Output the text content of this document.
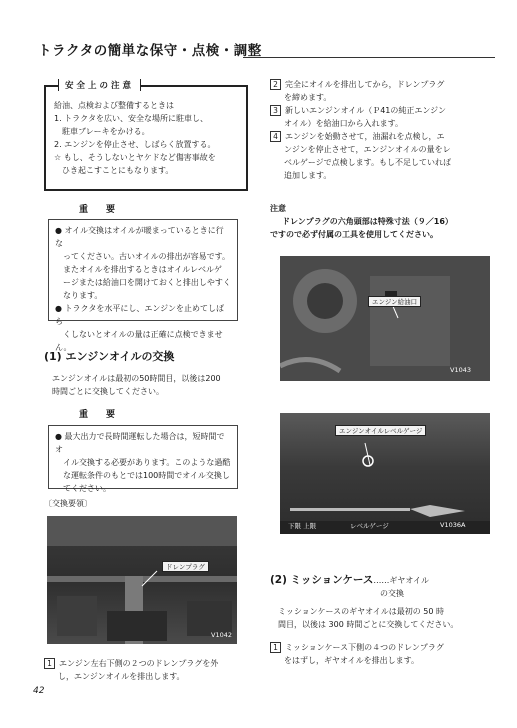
トラクタの簡単な保守・点検・調整
安全上の注意
給油、点検および整備するときは
1. トラクタを広い、安全な場所に駐車し、
　駐車ブレーキをかける。
2. エンジンを停止させ、しばらく放置する。
☆ もし、そうしないとヤケドなど傷害事故を
　ひき起こすことにもなります。
重　　要
● オイル交換はオイルが暖まっているときに行な
　ってください。古いオイルの排出が容易です。
　またオイルを排出するときはオイルレベルゲ
　ージまたは給油口を開けておくと排出しやすく
　なります。
● トラクタを水平にし、エンジンを止めてしばら
　くしないとオイルの量は正確に点検できません。
(1) エンジンオイルの交換
エンジンオイルは最初の50時間目，以後は200
時間ごとに交換してください。
重　　要
● 最大出力で長時間運転した場合は，短時間でオ
　イル交換する必要があります。このような過酷
　な運転条件のもとでは100時間でオイル交換し
　てください。
〔交換要領〕
ドレンプラグ
V1042
1 エンジン左右下側の２つのドレンプラグを外
し，エンジンオイルを排出します。
2 完全にオイルを排出してから，ドレンプラグ
を締めます。
3 新しいエンジンオイル（Ｐ41の純正エンジン
オイル）を給油口から入れます。
4 エンジンを始動させて，油漏れを点検し，エ
ンジンを停止させて，エンジンオイルの量をレ
ベルゲージで点検します。もし不足していれば
追加します。
注意
ドレンプラグの六角頭部は特殊寸法（９／16）
ですので必ず付属の工具を使用してください。
エンジン給油口
V1043
エンジンオイルレベルゲージ
下限 上限	レベルゲージ	V1036A
(2) ミッションケース……ギヤオイル
の交換
ミッションケースのギヤオイルは最初の 50 時
間目，以後は 300 時間ごとに交換してください。
1 ミッションケース下側の４つのドレンプラグ
をはずし，ギヤオイルを排出します。
42
